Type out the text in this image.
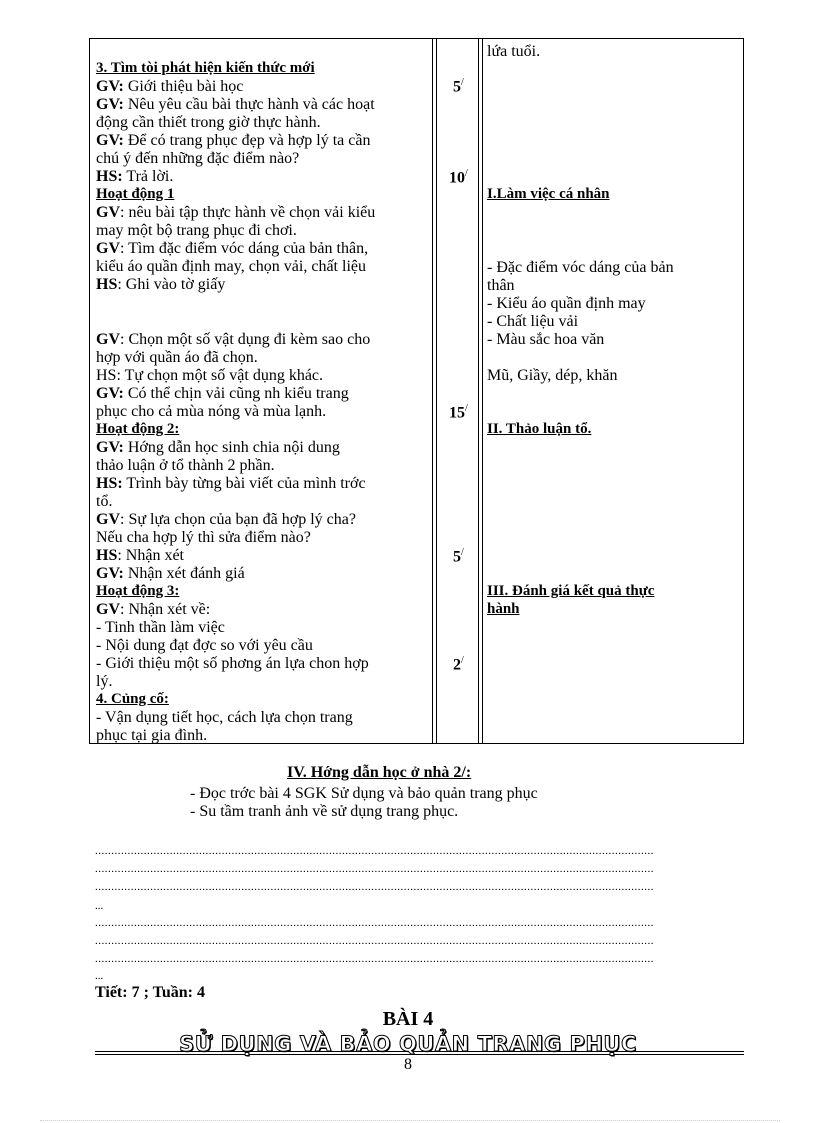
3. Tìm tòi phát hiện kiến thức mới
GV: Giới thiệu bài học
GV: Nêu yêu cầu bài thực hành và các hoạt
động cần thiết trong giờ thực hành.
GV: Để có trang phục đẹp và hợp lý ta cần
chú ý đến những đặc điểm nào?
HS: Trả lời.
Hoạt động 1
GV: nêu bài tập thực hành về chọn vải kiểu
may một bộ trang phục đi chơi.
GV: Tìm đặc điểm vóc dáng của bản thân,
kiểu áo quần định may, chọn vải, chất liệu
HS: Ghi vào tờ giấy
GV: Chọn một số vật dụng đi kèm sao cho
hợp với quần áo đã chọn.
HS: Tự chọn một số vật dụng khác.
GV: Có thể chịn vải cũng nh kiểu trang
phục cho cả mùa nóng và mùa lạnh.
Hoạt động 2:
GV: Hớng dẫn học sinh chia nội dung
thảo luận ở tổ thành 2 phần.
HS: Trình bày từng bài viết của mình trớc
tổ.
GV: Sự lựa chọn của bạn đã hợp lý cha?
Nếu cha hợp lý thì sửa điểm nào?
HS: Nhận xét
GV: Nhận xét đánh giá
Hoạt động 3:
GV: Nhận xét về:
- Tinh thần làm việc
- Nội dung đạt đợc so với yêu cầu
- Giới thiệu một số phơng án lựa chon hợp
lý.
4. Củng cố:
- Vận dụng tiết học, cách lựa chọn trang
phục tại gia đình.
5/
10/
15/
5/
2/
lứa tuổi.
I.Làm việc cá nhân
- Đặc điểm vóc dáng của bản
thân
- Kiểu áo quần định may
- Chất liệu vải
- Màu sắc hoa văn
Mũ, Giầy, dép, khăn
II. Thảo luận tổ.
III. Đánh giá kết quả thực
hành
IV. Hớng dẫn học ở nhà 2/:
- Đọc trớc bài 4 SGK Sử dụng và bảo quản trang phục
- Su tầm tranh ảnh về sử dụng trang phục.
............................................................................................................................................................................
............................................................................................................................................................................
............................................................................................................................................................................
...
............................................................................................................................................................................
............................................................................................................................................................................
............................................................................................................................................................................
...
Tiết: 7 ; Tuần: 4
BÀI 4
SỬ DỤNG VÀ BẢO QUẢN TRANG PHỤC
8
